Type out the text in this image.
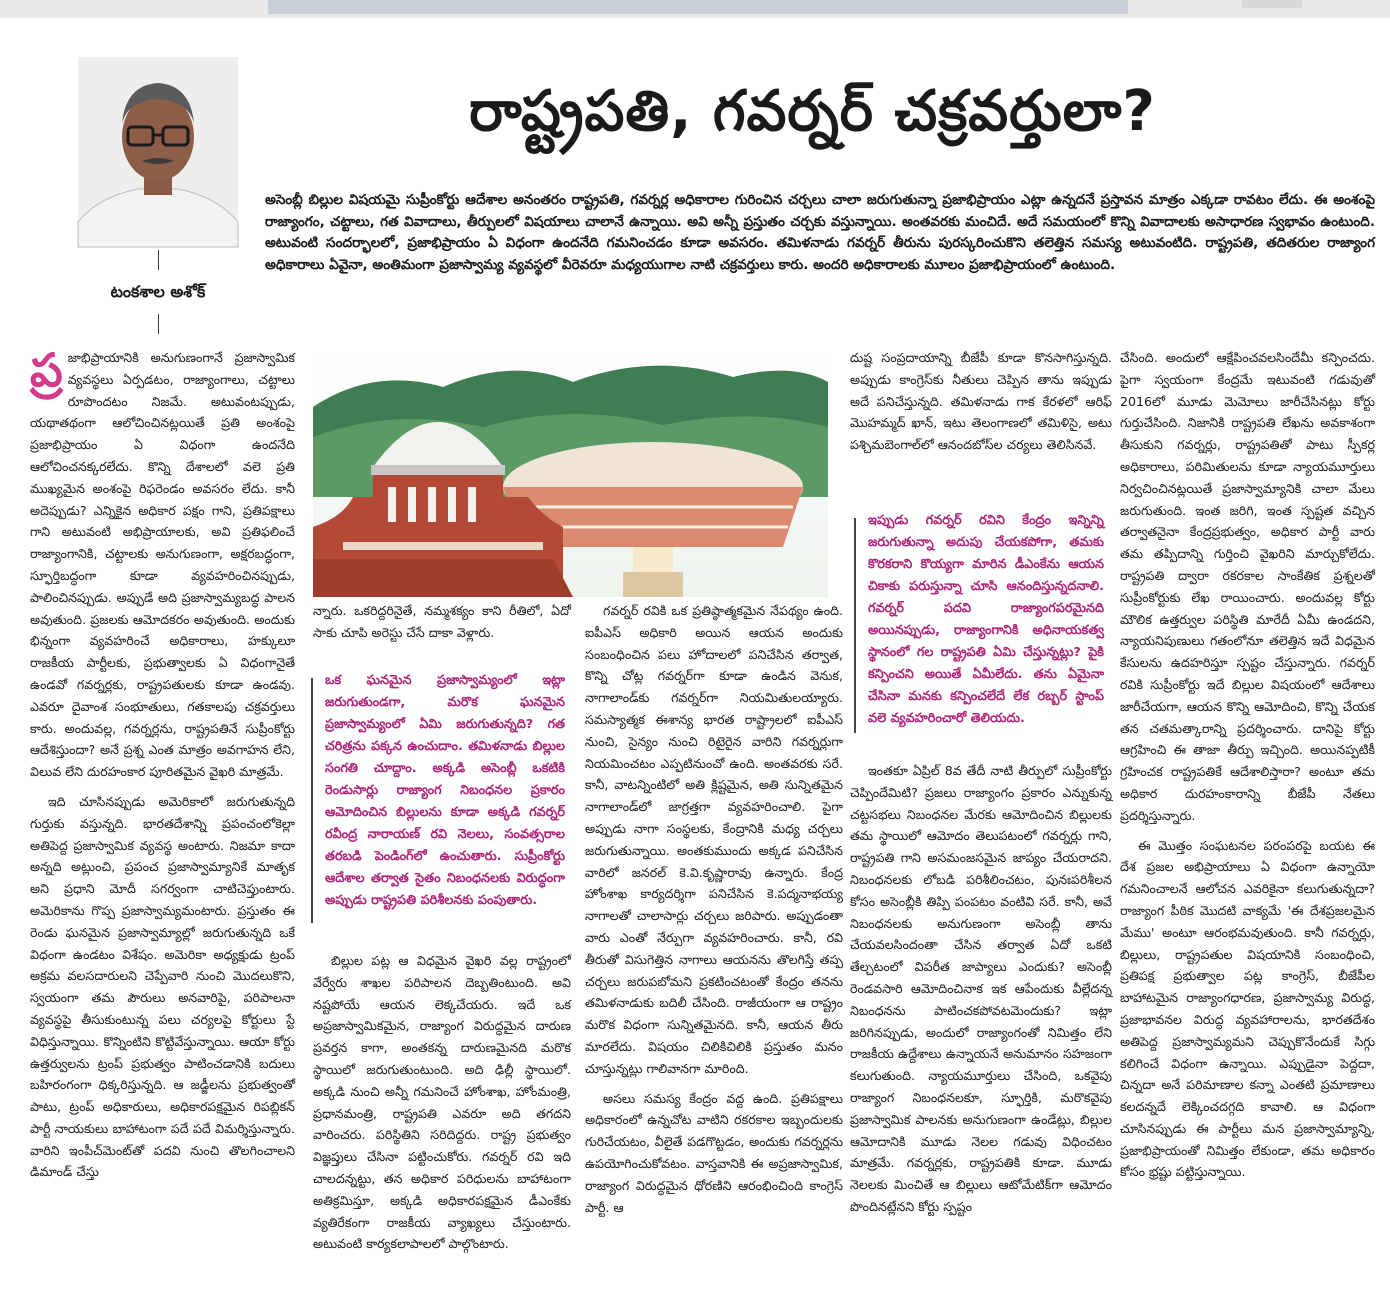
టంకశాల అశోక్‌
రాష్ట్రపతి, గవర్నర్‌ చక్రవర్తులా?
అసెంబ్లీ బిల్లుల విషయమై సుప్రీంకోర్టు ఆదేశాల అనంతరం రాష్ట్రపతి, గవర్నర్ల అధికారాల గురించిన చర్చలు చాలా జరుగుతున్నా ప్రజాభిప్రాయం ఎట్లా ఉన్నదనే ప్రస్తావన మాత్రం ఎక్కడా రావటం లేదు. ఈ అంశంపై రాజ్యాంగం, చట్టాలు, గత వివాదాలు, తీర్పులలో విషయాలు చాలానే ఉన్నాయి. అవి అన్నీ ప్రస్తుతం చర్చకు వస్తున్నాయి. అంతవరకు మంచిదే. అదే సమయంలో కొన్ని వివాదాలకు అసాధారణ స్వభావం ఉంటుంది. అటువంటి సందర్భాలలో, ప్రజాభిప్రాయం ఏ విధంగా ఉందనేది గమనించడం కూడా అవసరం. తమిళనాడు గవర్నర్‌ తీరును పురస్కరించుకొని తలెత్తిన సమస్య అటువంటిది. రాష్ట్రపతి, తదితరుల రాజ్యాంగ అధికారాలు ఏవైనా, అంతిమంగా ప్రజాస్వామ్య వ్యవస్థలో వీరెవరూ మధ్యయుగాల నాటి చక్రవర్తులు కారు. అందరి అధికారాలకు మూలం ప్రజాభిప్రాయంలో ఉంటుంది.
ప్ర జాభిప్రాయానికి అనుగుణంగానే ప్రజాస్వామిక వ్యవస్థలు ఏర్పడటం, రాజ్యాంగాలు, చట్టాలు రూపొందటం నిజమే. అటువంటప్పుడు, యథాతథంగా ఆలోచించినట్లయితే ప్రతి అంశంపై ప్రజాభిప్రాయం ఏ విధంగా ఉందనేది ఆలోచించనక్కరలేదు. కొన్ని దేశాలలో వలె ప్రతి ముఖ్యమైన అంశంపై రిఫరెండం అవసరం లేదు. కానీ అదెప్పుడు? ఎన్నికైన అధికార పక్షం గాని, ప్రతిపక్షాలు గాని అటువంటి అభిప్రాయాలకు, అవి ప్రతిఫలించే రాజ్యాంగానికి, చట్టాలకు అనుగుణంగా, అక్షరబద్ధంగా, స్ఫూర్తిబద్ధంగా కూడా వ్యవహరించినప్పుడు, పాలించినప్పుడు. అప్పుడే అది ప్రజాస్వామ్యబద్ధ పాలన అవుతుంది. ప్రజలకు ఆమోదకరం అవుతుంది. అందుకు భిన్నంగా వ్యవహరించే అధికారాలు, హక్కులూ రాజకీయ పార్టీలకు, ప్రభుత్వాలకు ఏ విధంగానైతే ఉండవో గవర్నర్లకు, రాష్ట్రపతులకు కూడా ఉండవు. ఎవరూ దైవాంశ సంభూతులు, గతకాలపు చక్రవర్తులు కారు. అందువల్ల, గవర్నర్లను, రాష్ట్రపతినే సుప్రీంకోర్టు ఆదేశిస్తుందా? అనే ప్రశ్న ఎంత మాత్రం అవగాహన లేని, విలువ లేని దురహంకార పూరితమైన వైఖరి మాత్రమే.

ఇది చూసినప్పుడు అమెరికాలో జరుగుతున్నది గుర్తుకు వస్తున్నది. భారతదేశాన్ని ప్రపంచంలోకెల్లా అతిపెద్ద ప్రజాస్వామిక వ్యవస్థ అంటారు. నిజమా కాదా అన్నది అట్లుంచి, ప్రపంచ ప్రజాస్వామ్యానికే మాతృక అని ప్రధాని మోదీ సగర్వంగా చాటిచెప్తుంటారు. అమెరికాను గొప్ప ప్రజాస్వామ్యమంటారు. ప్రస్తుతం ఈ రెండు ఘనమైన ప్రజాస్వామ్యాల్లో జరుగుతున్నది ఒకే విధంగా ఉండటం విశేషం. అమెరికా అధ్యక్షుడు ట్రంప్‌ అక్రమ వలసదారులని చెప్పేవారి నుంచి మొదలుకొని, స్వయంగా తమ పౌరులు అనవారిపై, పరిపాలనా వ్యవస్థపై తీసుకుంటున్న పలు చర్యలపై కోర్టులు స్టే విధిస్తున్నాయి. కొన్నింటిని కొట్టివేస్తున్నాయి. ఆయా కోర్టు ఉత్తర్వులను ట్రంప్‌ ప్రభుత్వం పాటించడానికి బదులు బహిరంగంగా ధిక్కరిస్తున్నది. ఆ జడ్జీలను ప్రభుత్వంతో పాటు, ట్రంప్‌ అధికారులు, అధికారపక్షమైన రిపబ్లికన్‌ పార్టీ నాయకులు బాహాటంగా పదే పదే విమర్శిస్తున్నారు. వారిని ఇంపీచ్‌మెంట్‌తో పదవి నుంచి తొలగించాలని డిమాండ్‌ చేస్తు

న్నారు. ఒకరిద్దరినైతే, నమ్మశక్యం కాని రీతిలో, ఏదో సాకు చూపి అరెస్టు చేసే దాకా వెళ్లారు.

ఒక ఘనమైన ప్రజాస్వామ్యంలో ఇట్లా జరుగుతుండగా, మరొక ఘనమైన ప్రజాస్వామ్యంలో ఏమి జరుగుతున్నది? గత చరిత్రను పక్కన ఉంచుదాం. తమిళనాడు బిల్లుల సంగతి చూద్దాం. అక్కడి అసెంబ్లీ ఒకటికి రెండుసార్లు రాజ్యాంగ నిబంధనల ప్రకారం ఆమోదించిన బిల్లులను కూడా అక్కడి గవర్నర్‌ రవీంద్ర నారాయణ్‌ రవి నెలలు, సంవత్సరాల తరబడి పెండింగ్‌లో ఉంచుతారు. సుప్రీంకోర్టు ఆదేశాల తర్వాత సైతం నిబంధనలకు విరుద్ధంగా అప్పుడు రాష్ట్రపతి పరిశీలనకు పంపుతారు.

బిల్లుల పట్ల ఆ విధమైన వైఖరి వల్ల రాష్ట్రంలో వేర్వేరు శాఖల పరిపాలన దెబ్బతింటుంది. అవి నష్టపోయే ఆయన లెక్కచేయరు. ఇదే ఒక అప్రజాస్వామికమైన, రాజ్యాంగ విరుద్ధమైన దారుణ ప్రవర్తన కాగా, అంతకన్న దారుణమైనది మరొక స్థాయిలో జరుగుతుంటుంది. అది ఢిల్లీ స్థాయిలో. అక్కడి నుంచి అన్నీ గమనించే హోంశాఖ, హోంమంత్రి, ప్రధానమంత్రి, రాష్ట్రపతి ఎవరూ అది తగదని వారించరు. పరిస్థితిని సరిదిద్దరు. రాష్ట్ర ప్రభుత్వం విజ్ఞప్తులు చేసినా పట్టించుకోరు. గవర్నర్‌ రవి ఇది చాలదన్నట్టు, తన అధికార పరిధులను బాహాటంగా అతిక్రమిస్తూ, అక్కడి అధికారపక్షమైన డీఎంకేకు వ్యతిరేకంగా రాజకీయ వ్యాఖ్యలు చేస్తుంటారు. అటువంటి కార్యకలాపాలలో పాల్గొంటారు.

గవర్నర్‌ రవికి ఒక ప్రతిష్ఠాత్మకమైన నేపథ్యం ఉంది. ఐపీఎస్‌ అధికారి అయిన ఆయన అందుకు సంబంధించిన పలు హోదాలలో పనిచేసిన తర్వాత, కొన్ని చోట్ల గవర్నర్‌గా కూడా ఉండిన వెనుక, నాగాలాండ్‌కు గవర్నర్‌గా నియమితులయ్యారు. సమస్యాత్మక ఈశాన్య భారత రాష్ట్రాలలో ఐపీఎస్‌ నుంచి, సైన్యం నుంచి రిటైరైన వారిని గవర్నర్లుగా నియమించటం ఎప్పటినుంచో ఉంది. అంతవరకు సరే. కానీ, వాటన్నింటిలో అతి క్లిష్టమైన, అతి సున్నితమైన నాగాలాండ్‌లో జాగ్రత్తగా వ్యవహరించాలి. పైగా అప్పుడు నాగా సంస్థలకు, కేంద్రానికి మధ్య చర్చలు జరుగుతున్నాయి. అంతకుముందు అక్కడ పనిచేసిన వారిలో జనరల్‌ కె.వి.కృష్ణారావు ఉన్నారు. కేంద్ర హోంశాఖ కార్యదర్శిగా పనిచేసిన కె.పద్మనాభయ్య నాగాలతో చాలాసార్లు చర్చలు జరిపారు. అప్పుడంతా వారు ఎంతో నేర్పుగా వ్యవహరించారు. కానీ, రవి తీరుతో విసుగెత్తిన నాగాలు ఆయనను తొలగిస్తే తప్ప చర్చలు జరుపబోమని ప్రకటించటంతో కేంద్రం తనను తమిళనాడుకు బదిలీ చేసింది. రాజీయంగా ఆ రాష్ట్రం మరొక విధంగా సున్నితమైనది. కానీ, ఆయన తీరు మారలేదు. విషయం చిలికిచిలికి ప్రస్తుతం మనం చూస్తున్నట్లు గాలివానగా మారింది.

అసలు సమస్య కేంద్రం వద్ద ఉంది. ప్రతిపక్షాలు అధికారంలో ఉన్నచోట వాటిని రకరకాల ఇబ్బందులకు గురిచేయటం, వీలైతే పడగొట్టడం, అందుకు గవర్నర్లను ఉపయోగించుకోవటం. వాస్తవానికి ఈ అప్రజాస్వామిక, రాజ్యాంగ విరుద్ధమైన ధోరణిని ఆరంభించింది కాంగ్రెస్‌ పార్టీ. ఆ

దుష్ట సంప్రదాయాన్ని బీజేపీ కూడా కొనసాగిస్తున్నది. అప్పుడు కాంగ్రెస్‌కు నీతులు చెప్పిన తాను ఇప్పుడు అదే పనిచేస్తున్నది. తమిళనాడు గాక కేరళలో ఆరిఫ్‌ మొహమ్మద్‌ ఖాన్‌, ఇటు తెలంగాణలో తమిళిసై, అటు పశ్చిమబెంగాల్‌లో ఆనందబోస్‌ల చర్యలు తెలిసినవే.

ఇప్పుడు గవర్నర్‌ రవిని కేంద్రం ఇన్నిన్ని జరుగుతున్నా అదుపు చేయకపోగా, తమకు కొరకరాని కొయ్యగా మారిన డీఎంకేను ఆయన చికాకు పరుస్తున్నా చూసి ఆనందిస్తున్నదనాలి. గవర్నర్‌ పదవి రాజ్యాంగపరమైనది అయినప్పుడు, రాజ్యాంగానికి అధినాయకత్వ స్థానంలో గల రాష్ట్రపతి ఏమి చేస్తున్నట్లు? పైకి కన్పించని అయితే ఏమీలేదు. తను ఏమైనా చేసినా మనకు కన్పించలేదే లేక రబ్బర్‌ స్టాంప్‌ వలె వ్యవహరించారో తెలియదు.

ఇంతకూ ఏప్రిల్‌ 8వ తేదీ నాటి తీర్పులో సుప్రీంకోర్టు చెప్పిందేమిటి? ప్రజలు రాజ్యాంగం ప్రకారం ఎన్నుకున్న చట్టసభలు నిబంధనల మేరకు ఆమోదించిన బిల్లులకు తమ స్థాయిలో ఆమోదం తెలుపటంలో గవర్నర్లు గాని, రాష్ట్రపతి గాని అసమంజసమైన జాప్యం చేయరాదని. నిబంధనలకు లోబడి పరిశీలించటం, పునఃపరిశీలన కోసం అసెంబ్లీకి తిప్పి పంపటం వంటివి సరే. కానీ, అవే నిబంధనలకు అనుగుణంగా అసెంబ్లీ తాను చేయవలసిందంతా చేసిన తర్వాత ఏదో ఒకటి తేల్చటంలో విపరీత జాప్యాలు ఎందుకు? అసెంబ్లీ రెండవసారి ఆమోదించినాక ఇక ఆపేందుకు వీల్లేదన్న నిబంధనను పాటించకపోవటమెందుకు? ఇట్లా జరిగినప్పుడు, అందులో రాజ్యాంగంతో నిమిత్తం లేని రాజకీయ ఉద్దేశాలు ఉన్నాయనే అనుమానం సహజంగా కలుగుతుంది. న్యాయమూర్తులు చేసింది, ఒకవైపు రాజ్యాంగ నిబంధనలకూ, స్ఫూర్తికి, మరొకవైపు ప్రజాస్వామిక పాలనకు అనుగుణంగా ఉండేట్లు, బిల్లుల ఆమోదానికి మూడు నెలల గడువు విధించటం మాత్రమే. గవర్నర్లకు, రాష్ట్రపతికి కూడా. మూడు నెలలకు మించితే ఆ బిల్లులు ఆటోమేటిక్‌గా ఆమోదం పొందినట్లేనని కోర్టు స్పష్టం

చేసింది. అందులో ఆక్షేపించవలసిందేమీ కన్పించదు. పైగా స్వయంగా కేంద్రమే ఇటువంటి గడువుతో 2016లో మూడు మెమోలు జారీచేసినట్లు కోర్టు గుర్తుచేసింది. నిజానికి రాష్ట్రపతి లేఖను అవకాశంగా తీసుకుని గవర్నర్లు, రాష్ట్రపతితో పాటు స్పీకర్ల అధికారాలు, పరిమితులను కూడా న్యాయమూర్తులు నిర్వచించినట్లయితే ప్రజాస్వామ్యానికి చాలా మేలు జరుగుతుంది. ఇంత జరిగి, ఇంత స్పష్టత వచ్చిన తర్వాతనైనా కేంద్రప్రభుత్వం, అధికార పార్టీ వారు తమ తప్పిదాన్ని గుర్తించి వైఖరిని మార్చుకోలేదు. రాష్ట్రపతి ద్వారా రకరకాల సాంకేతిక ప్రశ్నలతో సుప్రీంకోర్టుకు లేఖ రాయించారు. అందువల్ల కోర్టు మౌలిక ఉత్తర్వుల పరిస్థితి మారేదీ ఏమీ ఉండదని, న్యాయనిపుణులు గతంలోనూ తలెత్తిన ఇదే విధమైన కేసులను ఉదహరిస్తూ స్పష్టం చేస్తున్నారు. గవర్నర్‌ రవికి సుప్రీంకోర్టు ఇదే బిల్లుల విషయంలో ఆదేశాలు జారీచేయగా, ఆయన కొన్ని ఆమోదించి, కొన్ని చేయక తన చతమత్కారాన్ని ప్రదర్శించారు. దానిపై కోర్టు ఆగ్రహించి ఈ తాజా తీర్పు ఇచ్చింది. అయినప్పటికీ గ్రహించక రాష్ట్రపతికే ఆదేశాలిస్తారా? అంటూ తమ అధికార దురహంకారాన్ని బీజేపీ నేతలు ప్రదర్శిస్తున్నారు.

ఈ మొత్తం సంఘటనల పరంపరపై బయట ఈ దేశ ప్రజల అభిప్రాయాలు ఏ విధంగా ఉన్నాయో గమనించాలనే ఆలోచన ఎవరికైనా కలుగుతున్నదా? రాజ్యాంగ పీఠిక మొదటి వాక్యమే 'ఈ దేశప్రజలమైన మేము' అంటూ ఆరంభమవుతుంది. కానీ గవర్నర్లు, బిల్లులు, రాష్ట్రపతుల విషయానికి సంబంధించి, ప్రతిపక్ష ప్రభుత్వాల పట్ల కాంగ్రెస్‌, బీజేపీల బాహాటమైన రాజ్యాంగధారణ, ప్రజాస్వామ్య విరుద్ధ, ప్రజాభావనల విరుద్ధ వ్యవహారాలను, భారతదేశం అతిపెద్ద ప్రజాస్వామ్యమని చెప్పుకొనేందుకే సిగ్గు కలిగించే విధంగా ఉన్నాయి. ఎప్పుడైనా పెద్దదా, చిన్నదా అనే పరిమాణాల కన్నా ఎంతటి ప్రమాణాలు కలదన్నదే లెక్కించదగ్గది కావాలి. ఆ విధంగా చూసినప్పుడు ఈ పార్టీలు మన ప్రజాస్వామ్యాన్ని, ప్రజాభిప్రాయంతో నిమిత్తం లేకుండా, తమ అధికారం కోసం భ్రష్టు పట్టిస్తున్నాయి.
